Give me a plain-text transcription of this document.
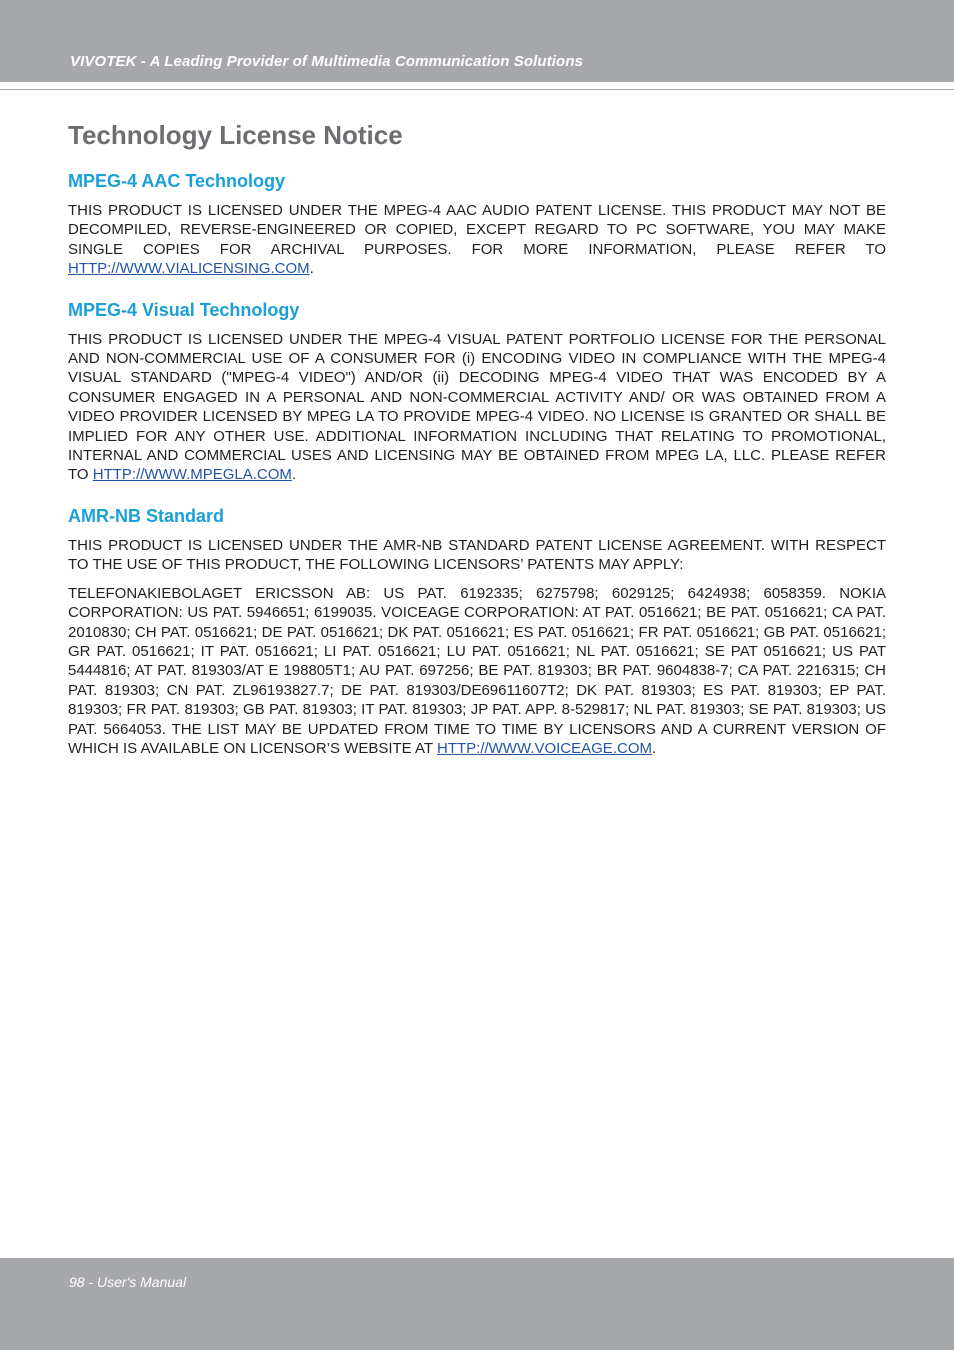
VIVOTEK - A Leading Provider of Multimedia Communication Solutions
Technology License Notice
MPEG-4 AAC Technology

THIS PRODUCT IS LICENSED UNDER THE MPEG-4 AAC AUDIO PATENT LICENSE. THIS PRODUCT MAY NOT BE DECOMPILED, REVERSE-ENGINEERED OR COPIED, EXCEPT REGARD TO PC SOFTWARE, YOU MAY MAKE SINGLE COPIES FOR ARCHIVAL PURPOSES. FOR MORE INFORMATION, PLEASE REFER TO HTTP://WWW.VIALICENSING.COM.

MPEG-4 Visual Technology

THIS PRODUCT IS LICENSED UNDER THE MPEG-4 VISUAL PATENT PORTFOLIO LICENSE FOR THE PERSONAL AND NON-COMMERCIAL USE OF A CONSUMER FOR (i) ENCODING VIDEO IN COMPLIANCE WITH THE MPEG-4 VISUAL STANDARD ("MPEG-4 VIDEO") AND/OR (ii) DECODING MPEG-4 VIDEO THAT WAS ENCODED BY A CONSUMER ENGAGED IN A PERSONAL AND NON-COMMERCIAL ACTIVITY AND/ OR WAS OBTAINED FROM A VIDEO PROVIDER LICENSED BY MPEG LA TO PROVIDE MPEG-4 VIDEO. NO LICENSE IS GRANTED OR SHALL BE IMPLIED FOR ANY OTHER USE. ADDITIONAL INFORMATION INCLUDING THAT RELATING TO PROMOTIONAL, INTERNAL AND COMMERCIAL USES AND LICENSING MAY BE OBTAINED FROM MPEG LA, LLC. PLEASE REFER TO HTTP://WWW.MPEGLA.COM.

AMR-NB Standard

THIS PRODUCT IS LICENSED UNDER THE AMR-NB STANDARD PATENT LICENSE AGREEMENT. WITH RESPECT TO THE USE OF THIS PRODUCT, THE FOLLOWING LICENSORS’ PATENTS MAY APPLY:

TELEFONAKIEBOLAGET ERICSSON AB: US PAT. 6192335; 6275798; 6029125; 6424938; 6058359. NOKIA CORPORATION: US PAT. 5946651; 6199035. VOICEAGE CORPORATION: AT PAT. 0516621; BE PAT. 0516621; CA PAT. 2010830; CH PAT. 0516621; DE PAT. 0516621; DK PAT. 0516621; ES PAT. 0516621; FR PAT. 0516621; GB PAT. 0516621; GR PAT. 0516621; IT PAT. 0516621; LI PAT. 0516621; LU PAT. 0516621; NL PAT. 0516621; SE PAT 0516621; US PAT 5444816; AT PAT. 819303/AT E 198805T1; AU PAT. 697256; BE PAT. 819303; BR PAT. 9604838-7; CA PAT. 2216315; CH PAT. 819303; CN PAT. ZL96193827.7; DE PAT. 819303/DE69611607T2; DK PAT. 819303; ES PAT. 819303; EP PAT. 819303; FR PAT. 819303; GB PAT. 819303; IT PAT. 819303; JP PAT. APP. 8-529817; NL PAT. 819303; SE PAT. 819303; US PAT. 5664053. THE LIST MAY BE UPDATED FROM TIME TO TIME BY LICENSORS AND A CURRENT VERSION OF WHICH IS AVAILABLE ON LICENSOR’S WEBSITE AT HTTP://WWW.VOICEAGE.COM.

98 - User's Manual
